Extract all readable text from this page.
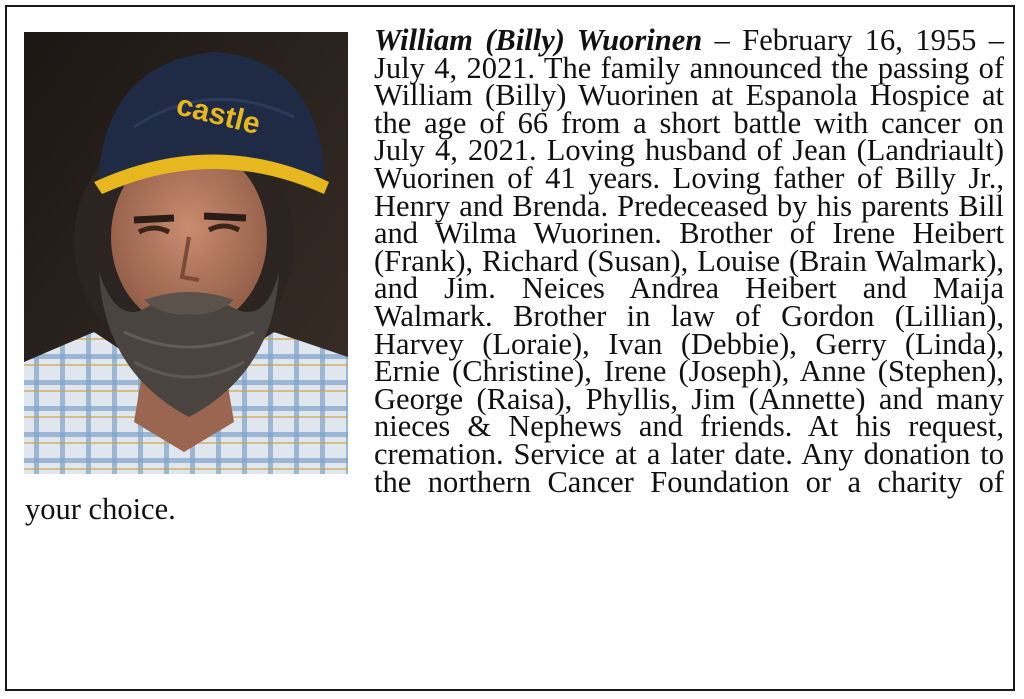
castle
William (Billy) Wuorinen – February 16, 1955 – July 4, 2021. The family announced the passing of William (Billy) Wuorinen at Espanola Hospice at the age of 66 from a short battle with cancer on July 4, 2021. Loving husband of Jean (Landriault) Wuorinen of 41 years. Loving father of Billy Jr., Henry and Brenda. Predeceased by his parents Bill and Wilma Wuorinen. Brother of Irene Heibert (Frank), Richard (Susan), Louise (Brain Walmark), and Jim. Neices Andrea Heibert and Maija Walmark. Brother in law of Gordon (Lillian), Harvey (Loraie), Ivan (Debbie), Gerry (Linda), Ernie (Christine), Irene (Joseph), Anne (Stephen), George (Raisa), Phyllis, Jim (Annette) and many nieces & Nephews and friends. At his request, cremation. Service at a later date. Any donation to the northern Cancer Foundation or a charity of your choice.
